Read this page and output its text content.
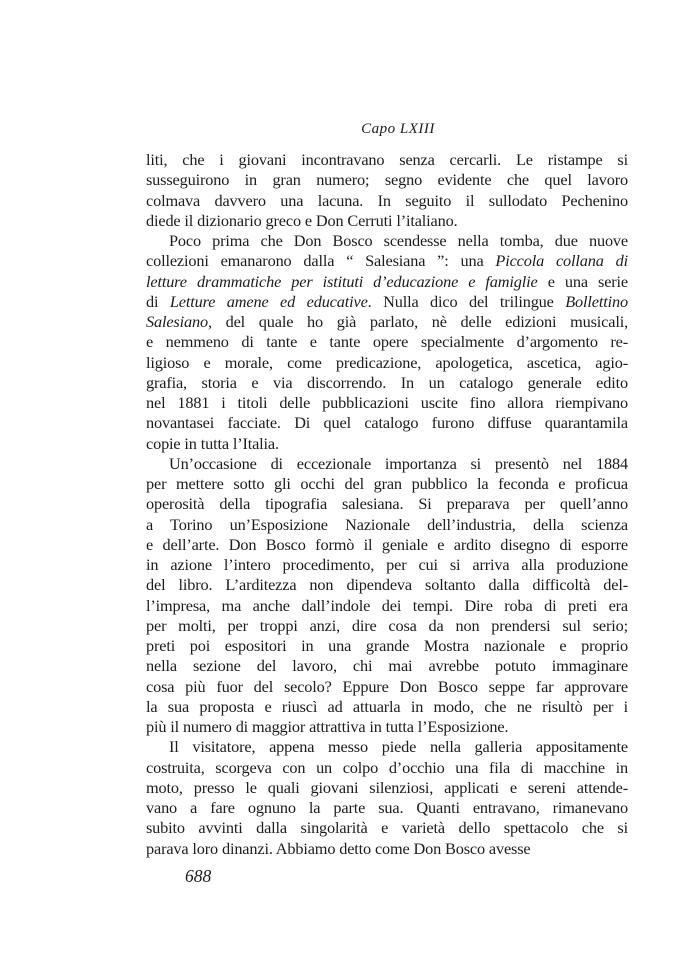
Capo LXIII
liti, che i giovani incontravano senza cercarli. Le ristampe si
susseguirono in gran numero; segno evidente che quel lavoro
colmava davvero una lacuna. In seguito il sullodato Pechenino
diede il dizionario greco e Don Cerruti l’italiano.
Poco prima che Don Bosco scendesse nella tomba, due nuove
collezioni emanarono dalla “ Salesiana ”: una Piccola collana di
letture drammatiche per istituti d’educazione e famiglie e una serie
di Letture amene ed educative. Nulla dico del trilingue Bollettino
Salesiano, del quale ho già parlato, nè delle edizioni musicali,
e nemmeno di tante e tante opere specialmente d’argomento re-
ligioso e morale, come predicazione, apologetica, ascetica, agio-
grafia, storia e via discorrendo. In un catalogo generale edito
nel 1881 i titoli delle pubblicazioni uscite fino allora riempivano
novantasei facciate. Di quel catalogo furono diffuse quarantamila
copie in tutta l’Italia.
Un’occasione di eccezionale importanza si presentò nel 1884
per mettere sotto gli occhi del gran pubblico la feconda e proficua
operosità della tipografia salesiana. Si preparava per quell’anno
a Torino un’Esposizione Nazionale dell’industria, della scienza
e dell’arte. Don Bosco formò il geniale e ardito disegno di esporre
in azione l’intero procedimento, per cui si arriva alla produzione
del libro. L’arditezza non dipendeva soltanto dalla difficoltà del-
l’impresa, ma anche dall’indole dei tempi. Dire roba di preti era
per molti, per troppi anzi, dire cosa da non prendersi sul serio;
preti poi espositori in una grande Mostra nazionale e proprio
nella sezione del lavoro, chi mai avrebbe potuto immaginare
cosa più fuor del secolo? Eppure Don Bosco seppe far approvare
la sua proposta e riuscì ad attuarla in modo, che ne risultò per i
più il numero di maggior attrattiva in tutta l’Esposizione.
Il visitatore, appena messo piede nella galleria appositamente
costruita, scorgeva con un colpo d’occhio una fila di macchine in
moto, presso le quali giovani silenziosi, applicati e sereni attende-
vano a fare ognuno la parte sua. Quanti entravano, rimanevano
subito avvinti dalla singolarità e varietà dello spettacolo che si
parava loro dinanzi. Abbiamo detto come Don Bosco avesse
688
